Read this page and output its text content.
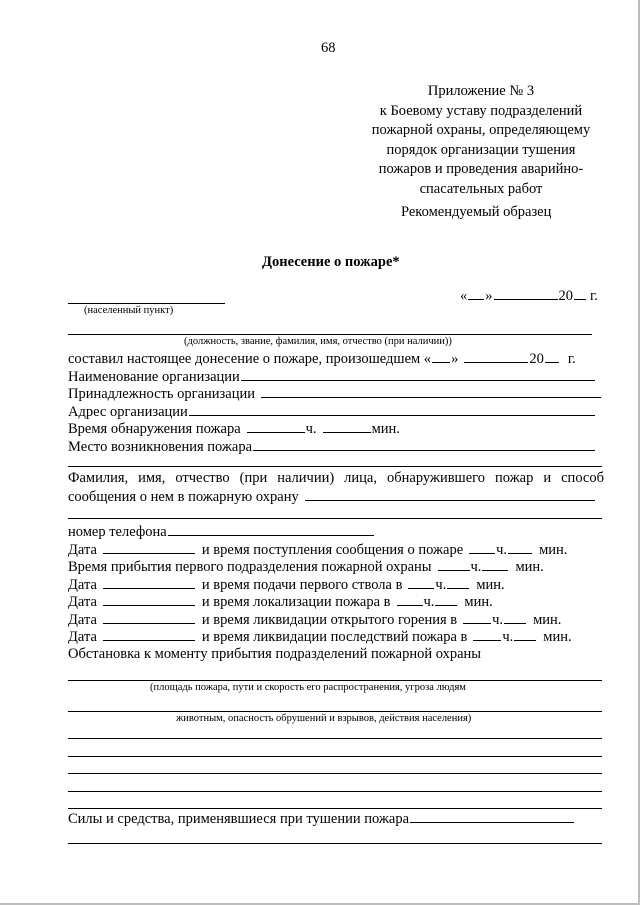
68
Приложение № 3
к Боевому уставу подразделений
пожарной охраны, определяющему
порядок организации тушения
пожаров и проведения аварийно-
спасательных работ
Рекомендуемый образец
Донесение о пожаре*
(населенный пункт)
« »	20 г.
(должность, звание, фамилия, имя, отчество (при наличии))
составил настоящее донесение о пожаре, произошедшем « »	20 г.
Наименование организации
Принадлежность организации
Адрес организации
Время обнаружения пожара	ч.	мин.
Место возникновения пожара
Фамилия, имя, отчество (при наличии) лица, обнаружившего пожар и способ
сообщения о нем в пожарную охрану
номер телефона
Дата	и время поступления сообщения о пожаре ч. мин.
Время прибытия первого подразделения пожарной охраны	ч. мин.
Дата	и время подачи первого ствола в ч. мин.
Дата	и время локализации пожара в ч. мин.
Дата	и время ликвидации открытого горения в ч. мин.
Дата	и время ликвидации последствий пожара в ч. мин.
Обстановка к моменту прибытия подразделений пожарной охраны
(площадь пожара, пути и скорость его распространения, угроза людям
животным, опасность обрушений и взрывов, действия населения)
Силы и средства, применявшиеся при тушении пожара
